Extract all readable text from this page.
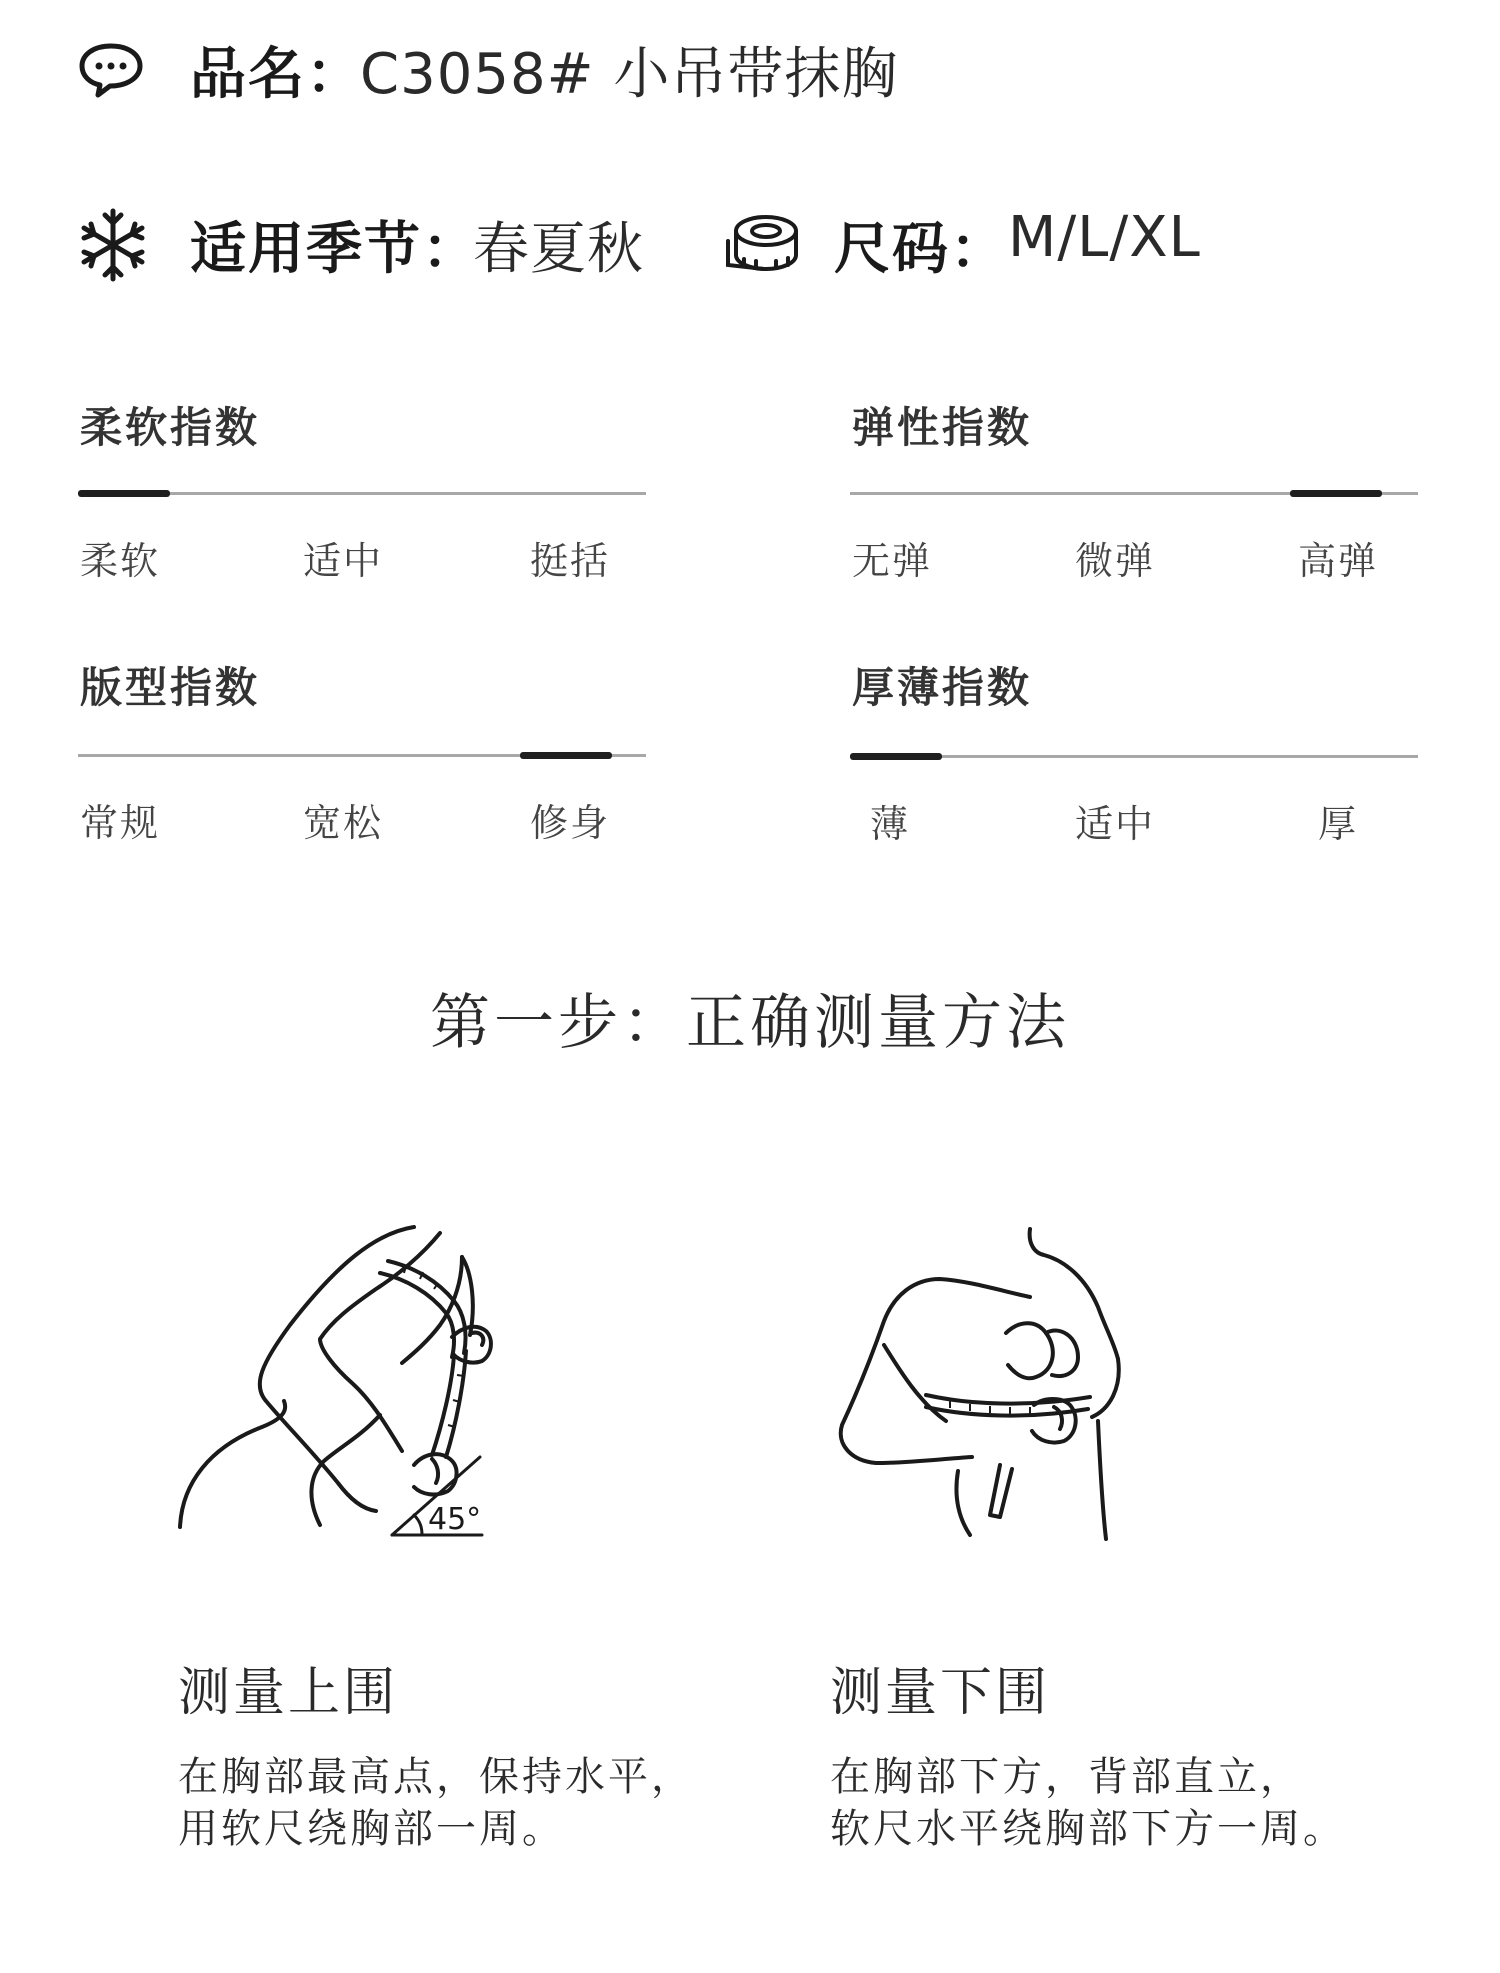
品名：
C3058# 小吊带抹胸
适用季节：
春夏秋	尺码： M/L/XL
柔软指数
柔软	适中	挺括
弹性指数
无弹	微弹	高弹
版型指数
常规	宽松	修身
厚薄指数
薄	适中	厚
第一步：正确测量方法
45°
测量上围
在胸部最高点，保持水平，
用软尺绕胸部一周。
测量下围
在胸部下方，背部直立，
软尺水平绕胸部下方一周。
